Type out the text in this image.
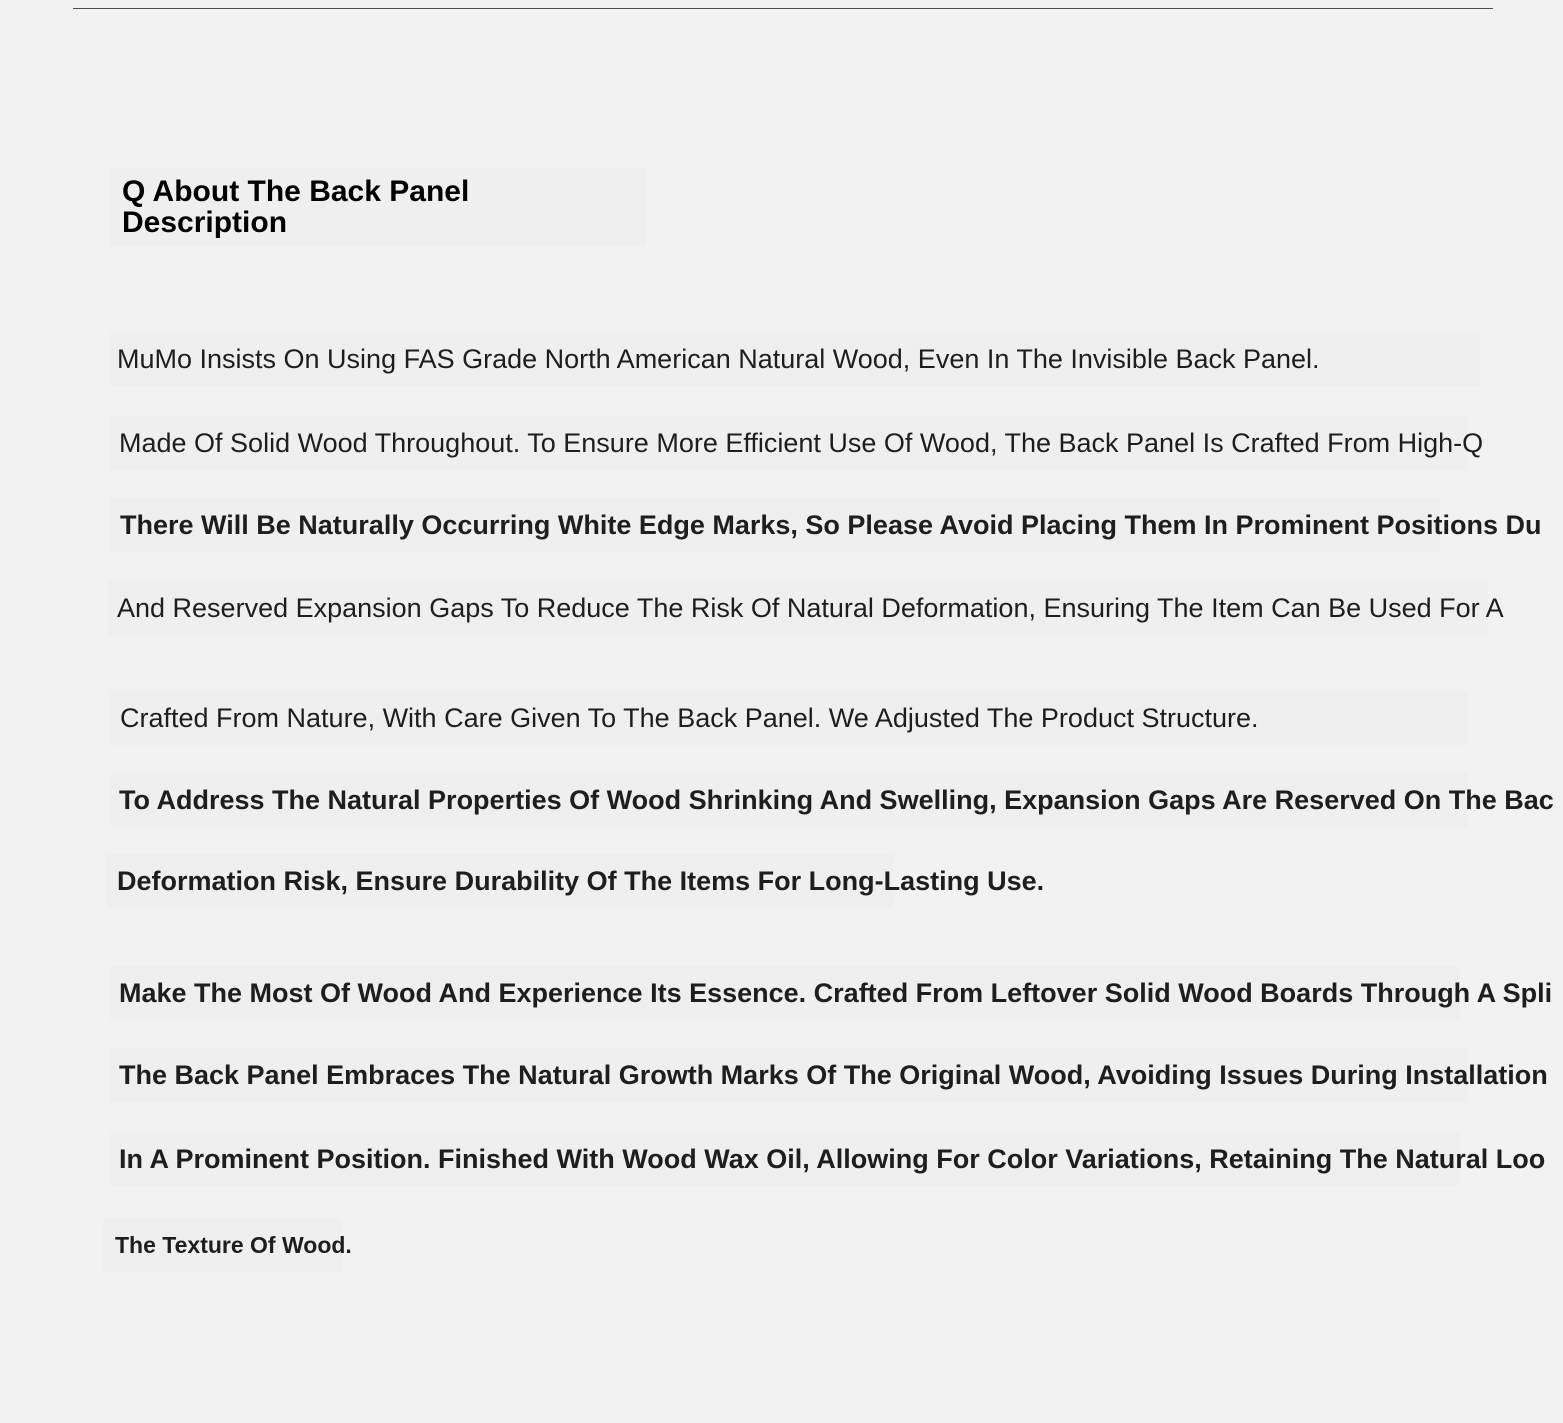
Q About The Back Panel
Description
MuMo Insists On Using FAS Grade North American Natural Wood, Even In The Invisible Back Panel.
Made Of Solid Wood Throughout. To Ensure More Efficient Use Of Wood, The Back Panel Is Crafted From High-Q
There Will Be Naturally Occurring White Edge Marks, So Please Avoid Placing Them In Prominent Positions Du
And Reserved Expansion Gaps To Reduce The Risk Of Natural Deformation, Ensuring The Item Can Be Used For A
Crafted From Nature, With Care Given To The Back Panel. We Adjusted The Product Structure.
To Address The Natural Properties Of Wood Shrinking And Swelling, Expansion Gaps Are Reserved On The Bac
Deformation Risk, Ensure Durability Of The Items For Long-Lasting Use.
Make The Most Of Wood And Experience Its Essence. Crafted From Leftover Solid Wood Boards Through A Spli
The Back Panel Embraces The Natural Growth Marks Of The Original Wood, Avoiding Issues During Installation
In A Prominent Position. Finished With Wood Wax Oil, Allowing For Color Variations, Retaining The Natural Loo
The Texture Of Wood.
